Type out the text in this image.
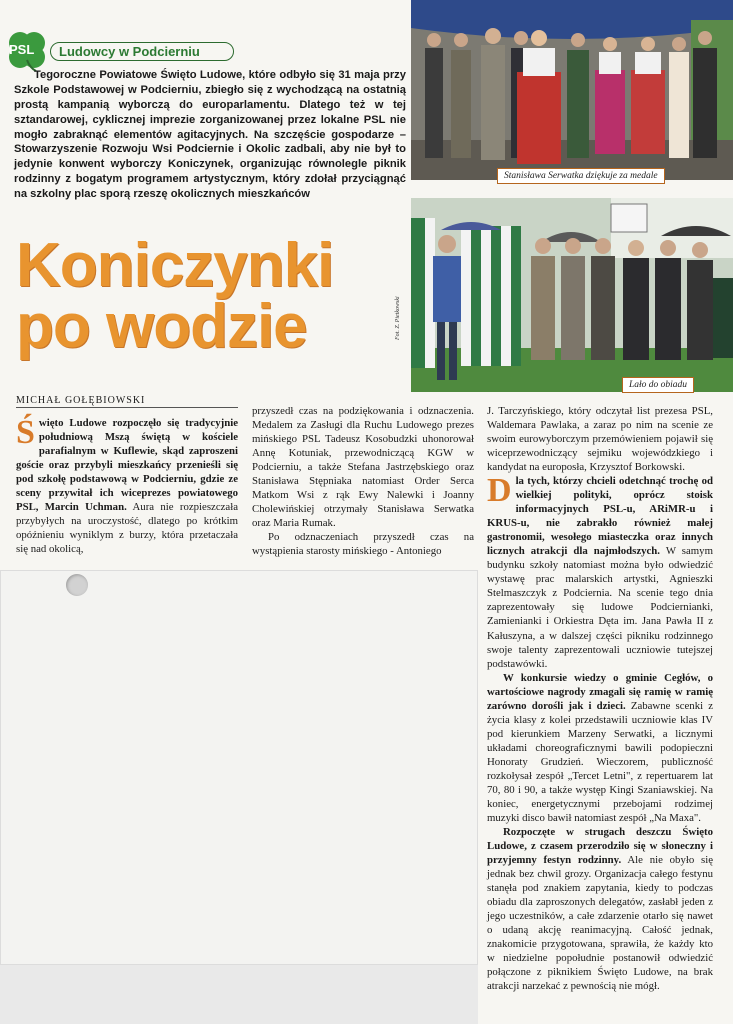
PSL	Ludowcy w Podcierniu
Tegoroczne Powiatowe Święto Ludowe, które odbyło się 31 maja przy Szkole Podstawowej w Podcierniu, zbiegło się z wychodzącą na ostatnią prostą kampanią wyborczą do europarlamentu. Dlatego też w tej sztandarowej, cyklicznej imprezie zorganizowanej przez lokalne PSL nie mogło zabraknąć elementów agitacyjnych. Na szczęście gospodarze – Stowarzyszenie Rozwoju Wsi Podcierniе i Okolic zadbali, aby nie był to jedynie konwent wyborczy Koniczynek, organizując równolegle piknik rodzinny z bogatym programem artystycznym, który zdołał przyciągnąć na szkolny plac sporą rzeszę okolicznych mieszkańców
Koniczynki
po wodzie
MICHAŁ GOŁĘBIOWSKI
Stanisława Serwatka dziękuje za medale
Lało do obiadu
Fot. Z. Pietkowski

Ś więto Ludowe rozpoczęło się tradycyjnie południową Mszą świętą w kościele parafialnym w Kuflewie, skąd zaproszeni goście oraz przybyli mieszkańcy przenieśli się pod szkołę podstawową w Podcierniu, gdzie ze sceny przywitał ich wiceprezes powiatowego PSL, Marcin Uchman. Aura nie rozpieszczała przybyłych na uroczystość, dlatego po krótkim opóźnieniu wyniklym z burzy, która przetaczała się nad okolicą,

przyszedł czas na podziękowania i odznaczenia. Medalem za Zasługi dla Ruchu Ludowego prezes mińskiego PSL Tadeusz Kosobudzki uhonorował Annę Kotuniak, przewodniczącą KGW w Podcierniu, a także Stefana Jastrzębskiego oraz Stanisława Stępniaka natomiast Order Serca Matkom Wsi z rąk Ewy Nalewki i Joanny Cholewińskiej otrzymały Stanisława Serwatka oraz Maria Rumak.

Po odznaczeniach przyszedł czas na wystąpienia starosty mińskiego - Antoniego

J. Tarczyńskiego, który odczytał list prezesa PSL, Waldemara Pawlaka, a zaraz po nim na scenie ze swoim eurowyborczym przemówieniem pojawił się wiceprzewodniczący sejmiku wojewódzkiego i kandydat na europosła, Krzysztof Borkowski.

D la tych, którzy chcieli odetchnąć trochę od wielkiej polityki, oprócz stoisk informacyjnych PSL-u, ARiMR-u i KRUS-u, nie zabrakło również małej gastronomii, wesołego miasteczka oraz innych licznych atrakcji dla najmłodszych. W samym budynku szkoły natomiast można było odwiedzić wystawę prac malarskich artystki, Agnieszki Stelmaszczyk z Podcierniа. Na scenie tego dnia zaprezentowały się ludowe Podcierniankі, Zamienianki i Orkiestra Dęta im. Jana Pawła II z Kałuszyna, a w dalszej części pikniku rodzinnego swoje talenty zaprezentowali uczniowie tutejszej podstawówki.

W konkursie wiedzy o gminie Cegłów, o wartościowe nagrody zmagali się ramię w ramię zarówno dorośli jak i dzieci. Zabawne scenki z życia klasy z kolei przedstawili uczniowie klas IV pod kierunkiem Marzeny Serwatki, a licznymi układami choreograficznymi bawili podopieczni Honoraty Grudzień. Wieczorem, publiczność rozkołysał zespół „Tercet Letni", z repertuarem lat 70, 80 i 90, a także występ Kingi Szaniawskiej. Na koniec, energetycznymi przebojami rodzimej muzyki disco bawił natomiast zespół „Na Maxa".

Rozpoczęte w strugach deszczu Święto Ludowe, z czasem przerodziło się w słoneczny i przyjemny festyn rodzinny. Ale nie obyło się jednak bez chwil grozy. Organizacja całego festynu stanęła pod znakiem zapytania, kiedy to podczas obiadu dla zaproszonych delegatów, zasłabł jeden z jego uczestników, a całe zdarzenie otarło się nawet o udaną akcję reanimacyjną. Całość jednak, znakomicie przygotowana, sprawiła, że każdy kto w niedzielne popołudnie postanowił odwiedzić połączone z piknikiem Święto Ludowe, na brak atrakcji narzekać z pewnością nie mógł.
